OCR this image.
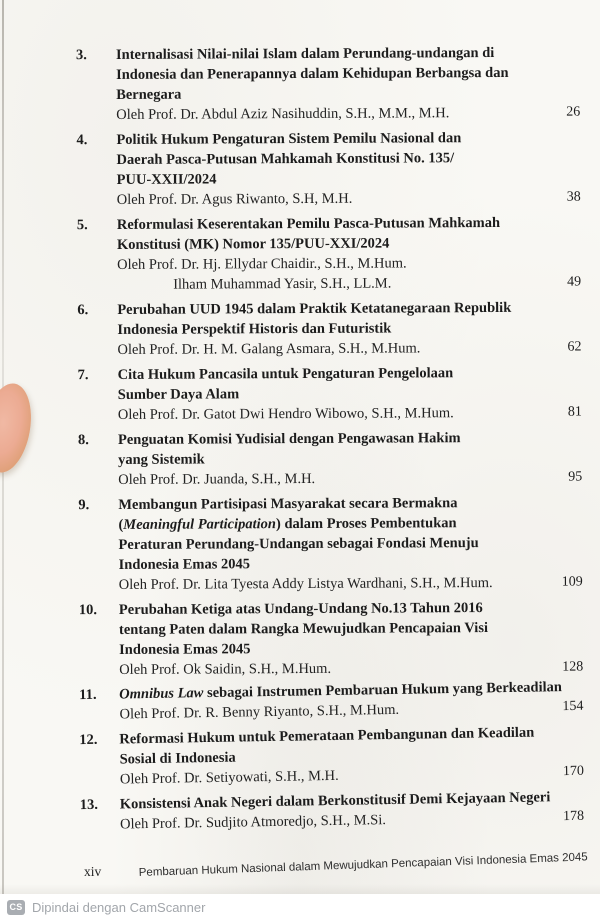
3.	Internalisasi Nilai-nilai Islam dalam Perundang-undangan di
Indonesia dan Penerapannya dalam Kehidupan Berbangsa dan
Bernegara
Oleh Prof. Dr. Abdul Aziz Nasihuddin, S.H., M.M., M.H.	26
4.	Politik Hukum Pengaturan Sistem Pemilu Nasional dan
Daerah Pasca-Putusan Mahkamah Konstitusi No. 135/
PUU-XXII/2024
Oleh Prof. Dr. Agus Riwanto, S.H, M.H.	38
5.	Reformulasi Keserentakan Pemilu Pasca-Putusan Mahkamah
Konstitusi (MK) Nomor 135/PUU-XXI/2024
Oleh Prof. Dr. Hj. Ellydar Chaidir., S.H., M.Hum.
Ilham Muhammad Yasir, S.H., LL.M.	49
6.	Perubahan UUD 1945 dalam Praktik Ketatanegaraan Republik
Indonesia Perspektif Historis dan Futuristik
Oleh Prof. Dr. H. M. Galang Asmara, S.H., M.Hum.	62
7.	Cita Hukum Pancasila untuk Pengaturan Pengelolaan
Sumber Daya Alam
Oleh Prof. Dr. Gatot Dwi Hendro Wibowo, S.H., M.Hum.	81
8.	Penguatan Komisi Yudisial dengan Pengawasan Hakim
yang Sistemik
Oleh Prof. Dr. Juanda, S.H., M.H.	95
9.	Membangun Partisipasi Masyarakat secara Bermakna
(Meaningful Participation) dalam Proses Pembentukan
Peraturan Perundang-Undangan sebagai Fondasi Menuju
Indonesia Emas 2045
Oleh Prof. Dr. Lita Tyesta Addy Listya Wardhani, S.H., M.Hum.	109
10.	Perubahan Ketiga atas Undang-Undang No.13 Tahun 2016
tentang Paten dalam Rangka Mewujudkan Pencapaian Visi
Indonesia Emas 2045
Oleh Prof. Ok Saidin, S.H., M.Hum.	128
11.	Omnibus Law sebagai Instrumen Pembaruan Hukum yang Berkeadilan
Oleh Prof. Dr. R. Benny Riyanto, S.H., M.Hum.	154
12.	Reformasi Hukum untuk Pemerataan Pembangunan dan Keadilan
Sosial di Indonesia
Oleh Prof. Dr. Setiyowati, S.H., M.H.	170
13.	Konsistensi Anak Negeri dalam Berkonstitusif Demi Kejayaan Negeri
Oleh Prof. Dr. Sudjito Atmoredjo, S.H., M.Si.	178
xiv	Pembaruan Hukum Nasional dalam Mewujudkan Pencapaian Visi Indonesia Emas 2045
CS Dipindai dengan CamScanner
